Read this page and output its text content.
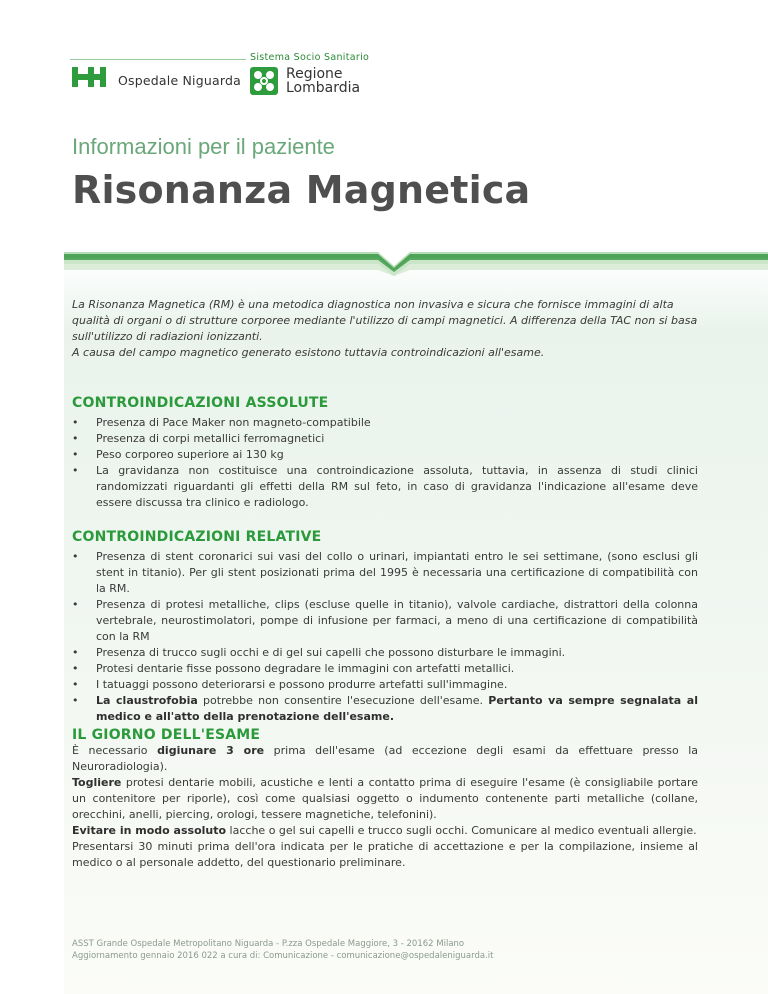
Sistema Socio Sanitario
Ospedale Niguarda	Regione
Lombardia
Informazioni per il paziente
Risonanza Magnetica

La Risonanza Magnetica (RM) è una metodica diagnostica non invasiva e sicura che fornisce immagini di alta qualità di organi o di strutture corporee mediante l'utilizzo di campi magnetici. A differenza della TAC non si basa sull'utilizzo di radiazioni ionizzanti.

A causa del campo magnetico generato esistono tuttavia controindicazioni all'esame.

CONTROINDICAZIONI ASSOLUTE
• Presenza di Pace Maker non magneto-compatibile
• Presenza di corpi metallici ferromagnetici
• Peso corporeo superiore ai 130 kg
• La gravidanza non costituisce una controindicazione assoluta, tuttavia, in assenza di studi clinici randomizzati riguardanti gli effetti della RM sul feto, in caso di gravidanza l'indicazione all'esame deve essere discussa tra clinico e radiologo.
CONTROINDICAZIONI RELATIVE
• Presenza di stent coronarici sui vasi del collo o urinari, impiantati entro le sei settimane, (sono esclusi gli stent in titanio). Per gli stent posizionati prima del 1995 è necessaria una certificazione di compatibilità con la RM.
• Presenza di protesi metalliche, clips (escluse quelle in titanio), valvole cardiache, distrattori della colonna vertebrale, neurostimolatori, pompe di infusione per farmaci, a meno di una certificazione di compatibilità con la RM
• Presenza di trucco sugli occhi e di gel sui capelli che possono disturbare le immagini.
• Protesi dentarie fisse possono degradare le immagini con artefatti metallici.
• I tatuaggi possono deteriorarsi e possono produrre artefatti sull'immagine.
• La claustrofobia potrebbe non consentire l'esecuzione dell'esame. Pertanto va sempre segnalata al medico e all'atto della prenotazione dell'esame.
IL GIORNO DELL'ESAME

È necessario digiunare 3 ore prima dell'esame (ad eccezione degli esami da effettuare presso la Neuroradiologia).

Togliere protesi dentarie mobili, acustiche e lenti a contatto prima di eseguire l'esame (è consigliabile portare un contenitore per riporle), così come qualsiasi oggetto o indumento contenente parti metalliche (collane, orecchini, anelli, piercing, orologi, tessere magnetiche, telefonini).

Evitare in modo assoluto lacche o gel sui capelli e trucco sugli occhi. Comunicare al medico eventuali allergie.

Presentarsi 30 minuti prima dell'ora indicata per le pratiche di accettazione e per la compilazione, insieme al medico o al personale addetto, del questionario preliminare.

ASST Grande Ospedale Metropolitano Niguarda - P.zza Ospedale Maggiore, 3 - 20162 Milano
Aggiornamento gennaio 2016 022 a cura di: Comunicazione - comunicazione@ospedaleniguarda.it
